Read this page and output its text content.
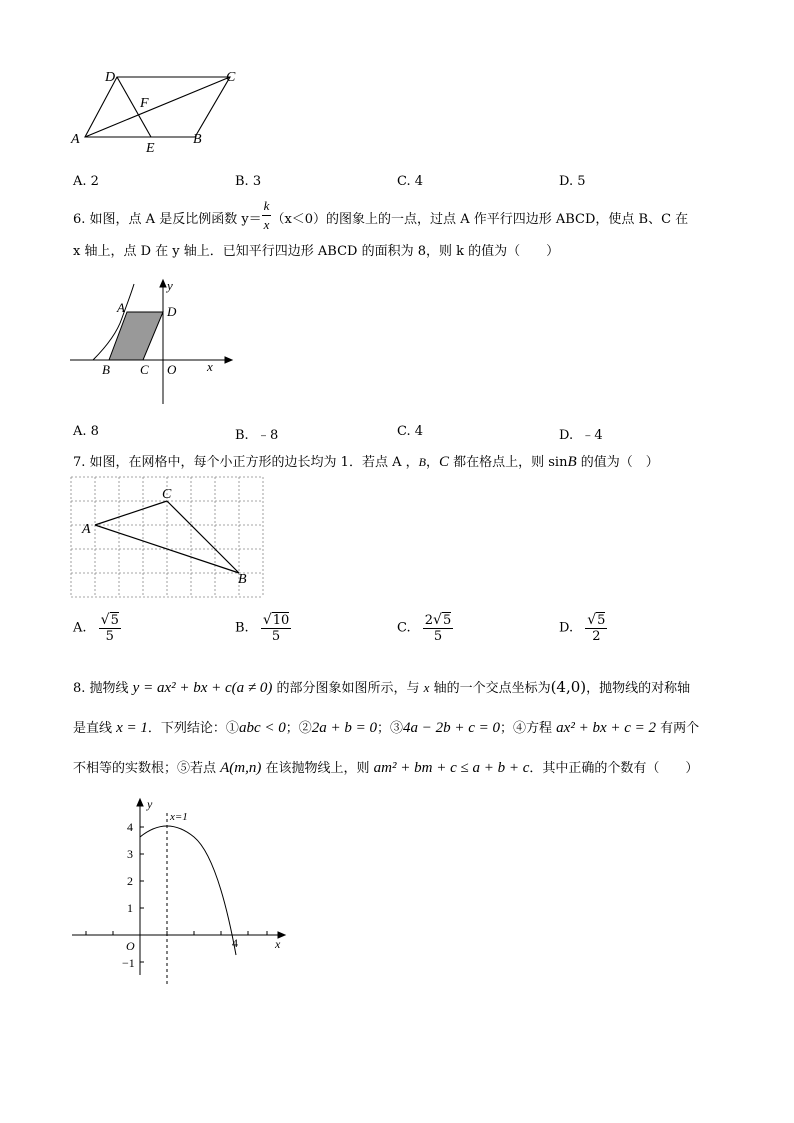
D	C
F
A
E
B
A. 2	B. 3	C. 4	D. 5
6. 如图，点 A 是反比例函数 $y= \frac{k}{x} (x<0)$的图象上的一点，过点 A 作平行四边形 ABCD，使点 B、C 在
x 轴上，点 D 在 y 轴上．已知平行四边形 ABCD 的面积为 8，则 k 的值为（　　）
A	D
B C O x
y
A. 8	B. ﹣8	C. 4	D. ﹣4
7. 如图，在网格中，每个小正方形的边长均为 1．若点 A ，B，C 都在格点上，则 sinB 的值为（　）
C
A
B
A. $\frac{√5}{5}$	B. $\frac{√10}{5}$	C. $\frac{2√5}{5}$	D. $\frac{√5}{2}$
8. 抛物线 y = ax² + bx + c(a ≠ 0) 的部分图象如图所示，与 x 轴的一个交点坐标为(4,0)，抛物线的对称轴
是直线 x = 1．下列结论：①abc < 0；②2a + b = 0；③4a − 2b + c = 0；④方程 ax² + bx + c = 2 有两个
不相等的实数根；⑤若点 A(m,n) 在该抛物线上，则 am² + bm + c ≤ a + b + c．其中正确的个数有（　　）
y
x=1
4
3
2
1
−1
O	4	x
